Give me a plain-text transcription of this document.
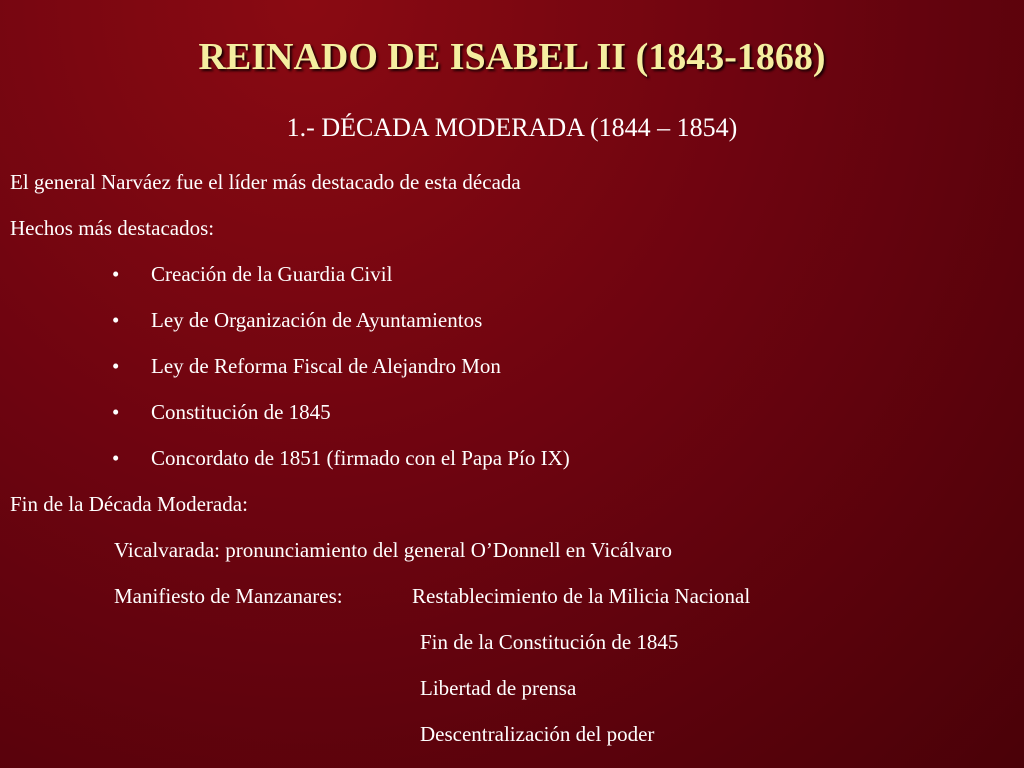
REINADO DE ISABEL II (1843-1868)
1.- DÉCADA MODERADA (1844 – 1854)

El general Narváez fue el líder más destacado de esta década

Hechos más destacados:

• Creación de la Guardia Civil
• Ley de Organización de Ayuntamientos
• Ley de Reforma Fiscal de Alejandro Mon
• Constitución de 1845
• Concordato de 1851 (firmado con el Papa Pío IX)

Fin de la Década Moderada:

Vicalvarada: pronunciamiento del general O’Donnell en Vicálvaro

Manifiesto de Manzanares:	Restablecimiento de la Milicia Nacional

Fin de la Constitución de 1845

Libertad de prensa

Descentralización del poder
